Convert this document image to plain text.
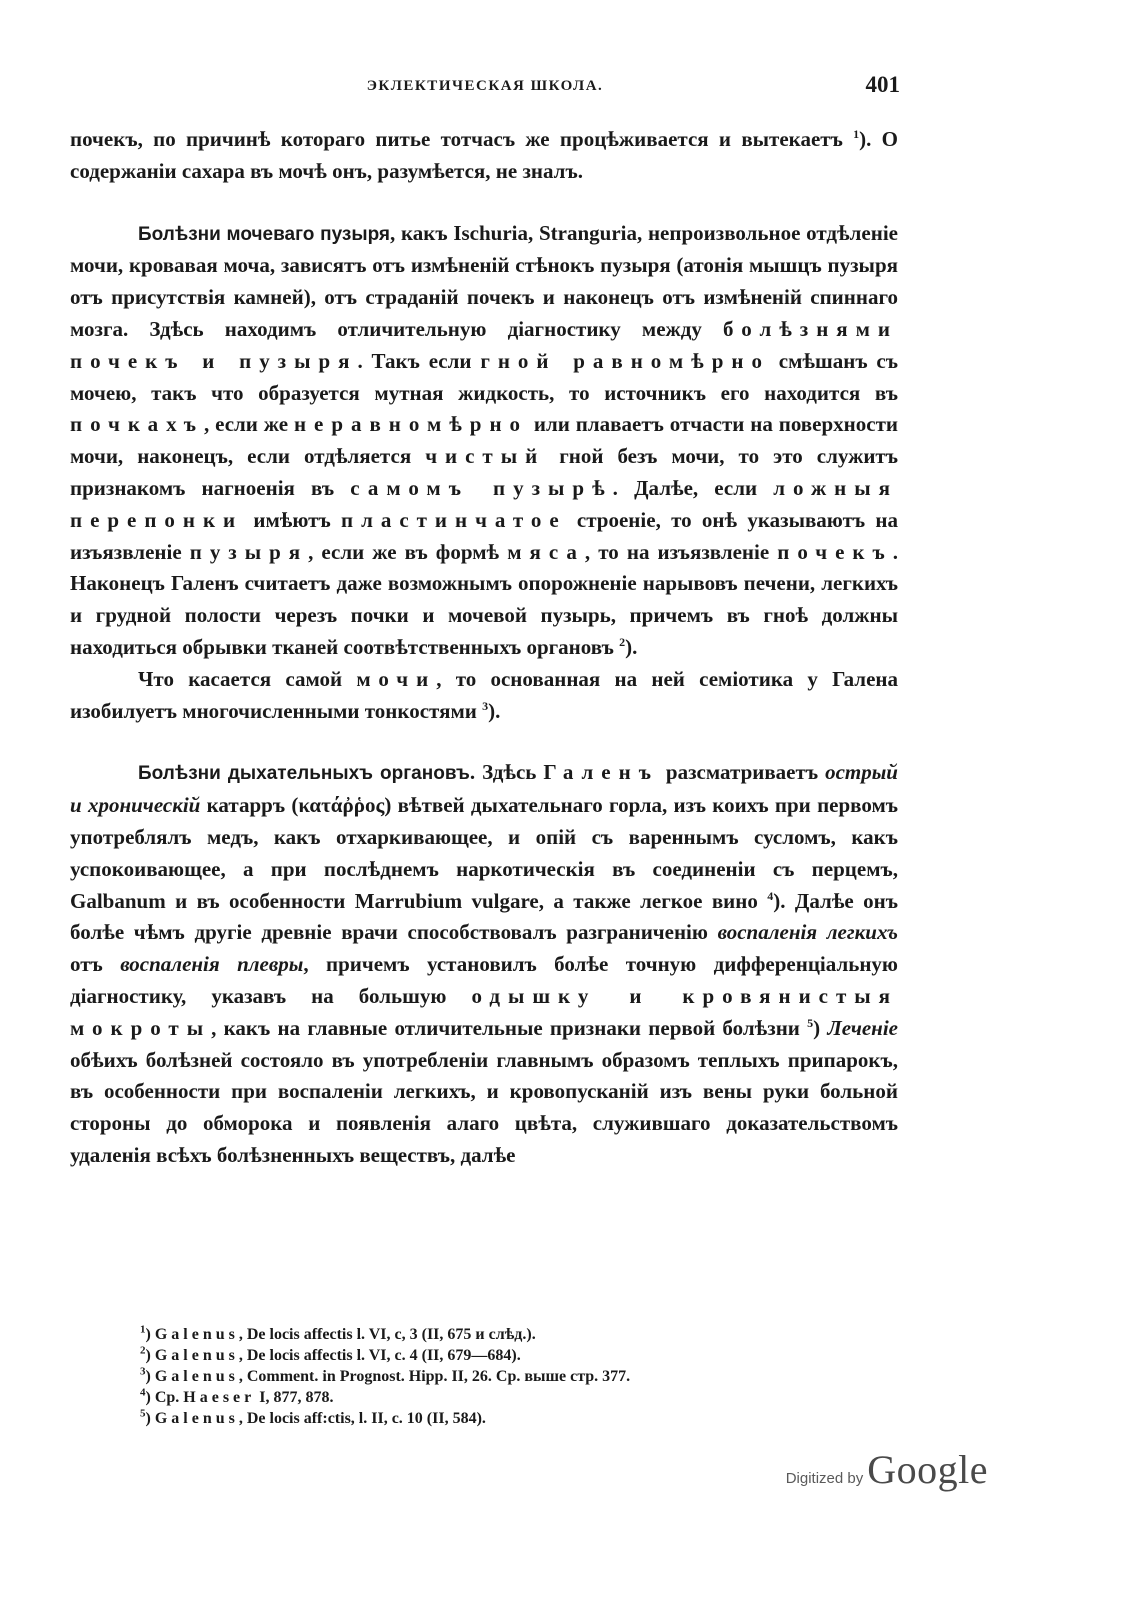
ЭКЛЕКТИЧЕСКАЯ ШКОЛА.	401

почекъ, по причинѣ котораго питье тотчасъ же процѣживается и вытекаетъ $^1$). О содержаніи сахара въ мочѣ онъ, разумѣется, не зналъ.

Болѣзни мочеваго пузыря, какъ Ischuria, Stranguria, непроизвольное отдѣленіе мочи, кровавая моча, зависятъ отъ измѣненій стѣнокъ пузыря (атонія мышцъ пузыря отъ присутствія камней), отъ страданій почекъ и наконецъ отъ измѣненій спиннаго мозга. Здѣсь находимъ отличительную діагностику между болѣзнями почекъ и пузыря. Такъ если гной равномѣрно смѣшанъ съ мочею, такъ что образуется мутная жидкость, то источникъ его находится въ почкахъ, если же неравномѣрно или плаваетъ отчасти на поверхности мочи, наконецъ, если отдѣляется чистый гной безъ мочи, то это служитъ признакомъ нагноенія въ самомъ пузырѣ. Далѣе, если ложныя перепонки имѣютъ пластинчатое строеніе, то онѣ указываютъ на изъязвленіе пузыря, если же въ формѣ мяса, то на изъязвленіе почекъ. Наконецъ Галенъ считаетъ даже возможнымъ опорожненіе нарывовъ печени, легкихъ и грудной полости черезъ почки и мочевой пузырь, причемъ въ гноѣ должны находиться обрывки тканей соотвѣтственныхъ органовъ $^2$).

Что касается самой мочи, то основанная на ней семіотика у Галена изобилуетъ многочисленными тонкостями $^3$).

Болѣзни дыхательныхъ органовъ. Здѣсь Галенъ разсматриваетъ острый и хроническій катарръ (κατάῤῥος) вѣтвей дыхательнаго горла, изъ коихъ при первомъ употреблялъ медъ, какъ отхаркивающее, и опій съ вареннымъ сусломъ, какъ успокоивающее, а при послѣднемъ наркотическія въ соединеніи съ перцемъ, Galbanum и въ особенности Marrubium vulgare, а также легкое вино $^4$). Далѣе онъ болѣе чѣмъ другіе древніе врачи способствовалъ разграниченію воспаленія легкихъ отъ воспаленія плевры, причемъ установилъ болѣе точную дифференціальную діагностику, указавъ на большую одышку и кровянистыя мокроты, какъ на главные отличительные признаки первой болѣзни $^5$) Леченіе обѣихъ болѣзней состояло въ употребленіи главнымъ образомъ теплыхъ припарокъ, въ особенности при воспаленіи легкихъ, и кровопусканій изъ вены руки больной стороны до обморока и появленія алаго цвѣта, служившаго доказательствомъ удаленія всѣхъ болѣзненныхъ веществъ, далѣе

$^1$) Galenus, De locis affectis l. VI, c, 3 (II, 675 и слѣд.).
$^2$) Galenus, De locis affectis l. VI, c. 4 (II, 679—684).
$^3$) Galenus, Comment. in Prognost. Hipp. II, 26. Ср. выше стр. 377.
$^4$) Ср. Haeser I, 877, 878.
$^5$) Galenus, De locis aff:ctis, l. II, c. 10 (II, 584).
Digitized by Google
